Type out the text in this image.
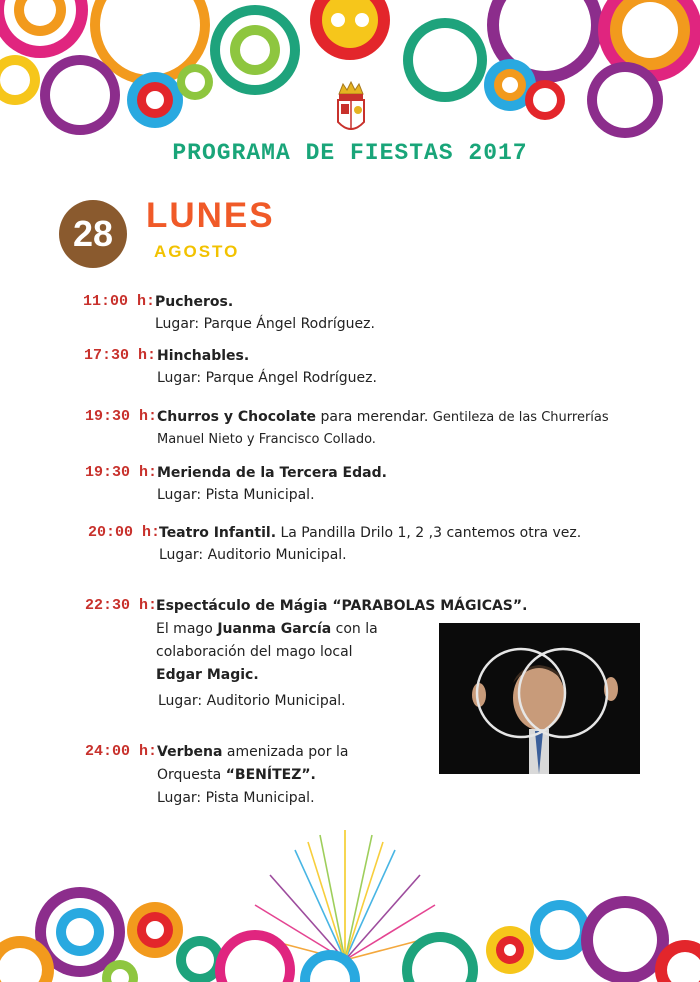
PROGRAMA DE FIESTAS 2017
28 LUNES
AGOSTO
11:00 h: Pucheros.
Lugar: Parque Ángel Rodríguez.
17:30 h: Hinchables.
Lugar: Parque Ángel Rodríguez.
19:30 h: Churros y Chocolate para merendar. Gentileza de las Churrerías
Manuel Nieto y Francisco Collado.
19:30 h: Merienda de la Tercera Edad.
Lugar: Pista Municipal.
20:00 h:
Teatro Infantil. La Pandilla Drilo 1, 2 ,3 cantemos otra vez.
Lugar: Auditorio Municipal.
22:30 h:
Espectáculo de Mágia “PARABOLAS MÁGICAS”.
El mago Juanma García con la
colaboración del mago local
Edgar Magic.
Lugar: Auditorio Municipal.
24:00 h: Verbena amenizada por la
Orquesta “BENÍTEZ”.
Lugar: Pista Municipal.
